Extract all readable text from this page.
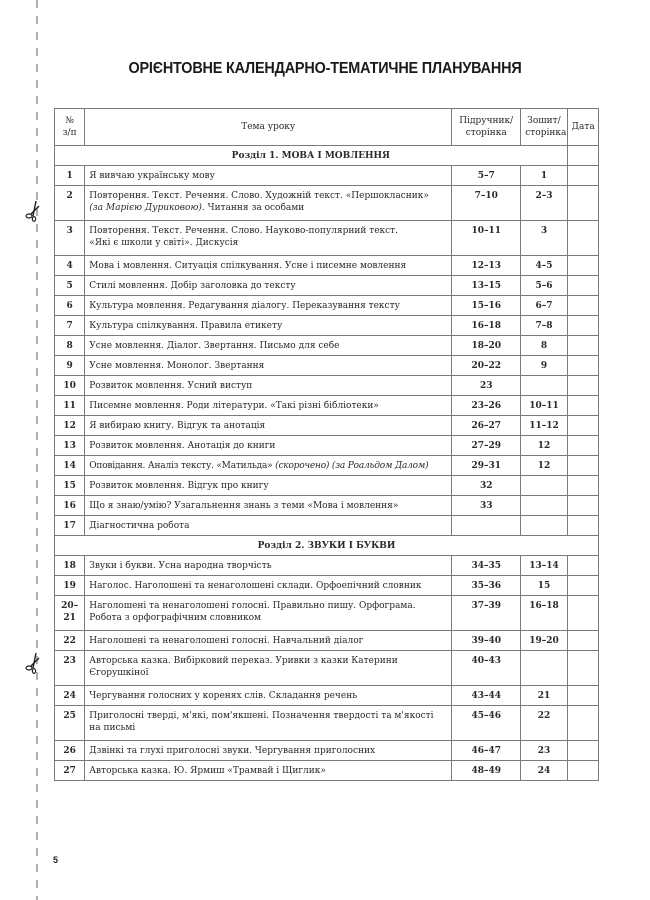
ОРІЄНТОВНЕ КАЛЕНДАРНО-ТЕМАТИЧНЕ ПЛАНУВАННЯ
№ з/п	Тема уроку	Підручник/ сторінка	Зошит/ сторінка	Дата
Розділ 1. МОВА І МОВЛЕННЯ				
1	Я вивчаю українську мову	5–7	1	
2	Повторення. Текст. Речення. Слово. Художній текст. «Першокласник»
(за Марією Дуриковою). Читання за особами	7–10	2–3	
3	Повторення. Текст. Речення. Слово. Науково-популярний текст.
«Які є школи у світі». Дискусія	10–11	3	
4	Мова і мовлення. Ситуація спілкування. Усне і писемне мовлення	12–13	4–5	
5	Стилі мовлення. Добір заголовка до тексту	13–15	5–6	
6	Культура мовлення. Редагування діалогу. Переказування тексту	15–16	6–7	
7	Культура спілкування. Правила етикету	16–18	7–8	
8	Усне мовлення. Діалог. Звертання. Письмо для себе	18–20	8	
9	Усне мовлення. Монолог. Звертання	20–22	9	
10	Розвиток мовлення. Усний виступ	23		
11	Писемне мовлення. Роди літератури. «Такі різні бібліотеки»	23–26	10–11	
12	Я вибираю книгу. Відгук та анотація	26–27	11–12	
13	Розвиток мовлення. Анотація до книги	27–29	12	
14	Оповідання. Аналіз тексту. «Матильда» (скорочено) (за Роальдом Далом)	29–31	12	
15	Розвиток мовлення. Відгук про книгу	32		
16	Що я знаю/умію? Узагальнення знань з теми «Мова і мовлення»	33		
17	Діагностична робота			
Розділ 2. ЗВУКИ І БУКВИ				
18	Звуки і букви. Усна народна творчість	34–35	13–14	
19	Наголос. Наголошені та ненаголошені склади. Орфоепічний словник	35–36	15	
20–21	Наголошені та ненаголошені голосні. Правильно пишу. Орфограма.
Робота з орфографічним словником	37–39	16–18	
22	Наголошені та ненаголошені голосні. Навчальний діалог	39–40	19–20	
23	Авторська казка. Вибірковий переказ. Уривки з казки Катерини
Єгорушкіної	40–43		
24	Чергування голосних у коренях слів. Складання речень	43–44	21	
25	Приголосні тверді, м'які, пом'якшені. Позначення твердості та м'якості
на письмі	45–46	22	
26	Дзвінкі та глухі приголосні звуки. Чергування приголосних	46–47	23	
27	Авторська казка. Ю. Ярмиш «Трамвай і Щиглик»	48–49	24	
5
